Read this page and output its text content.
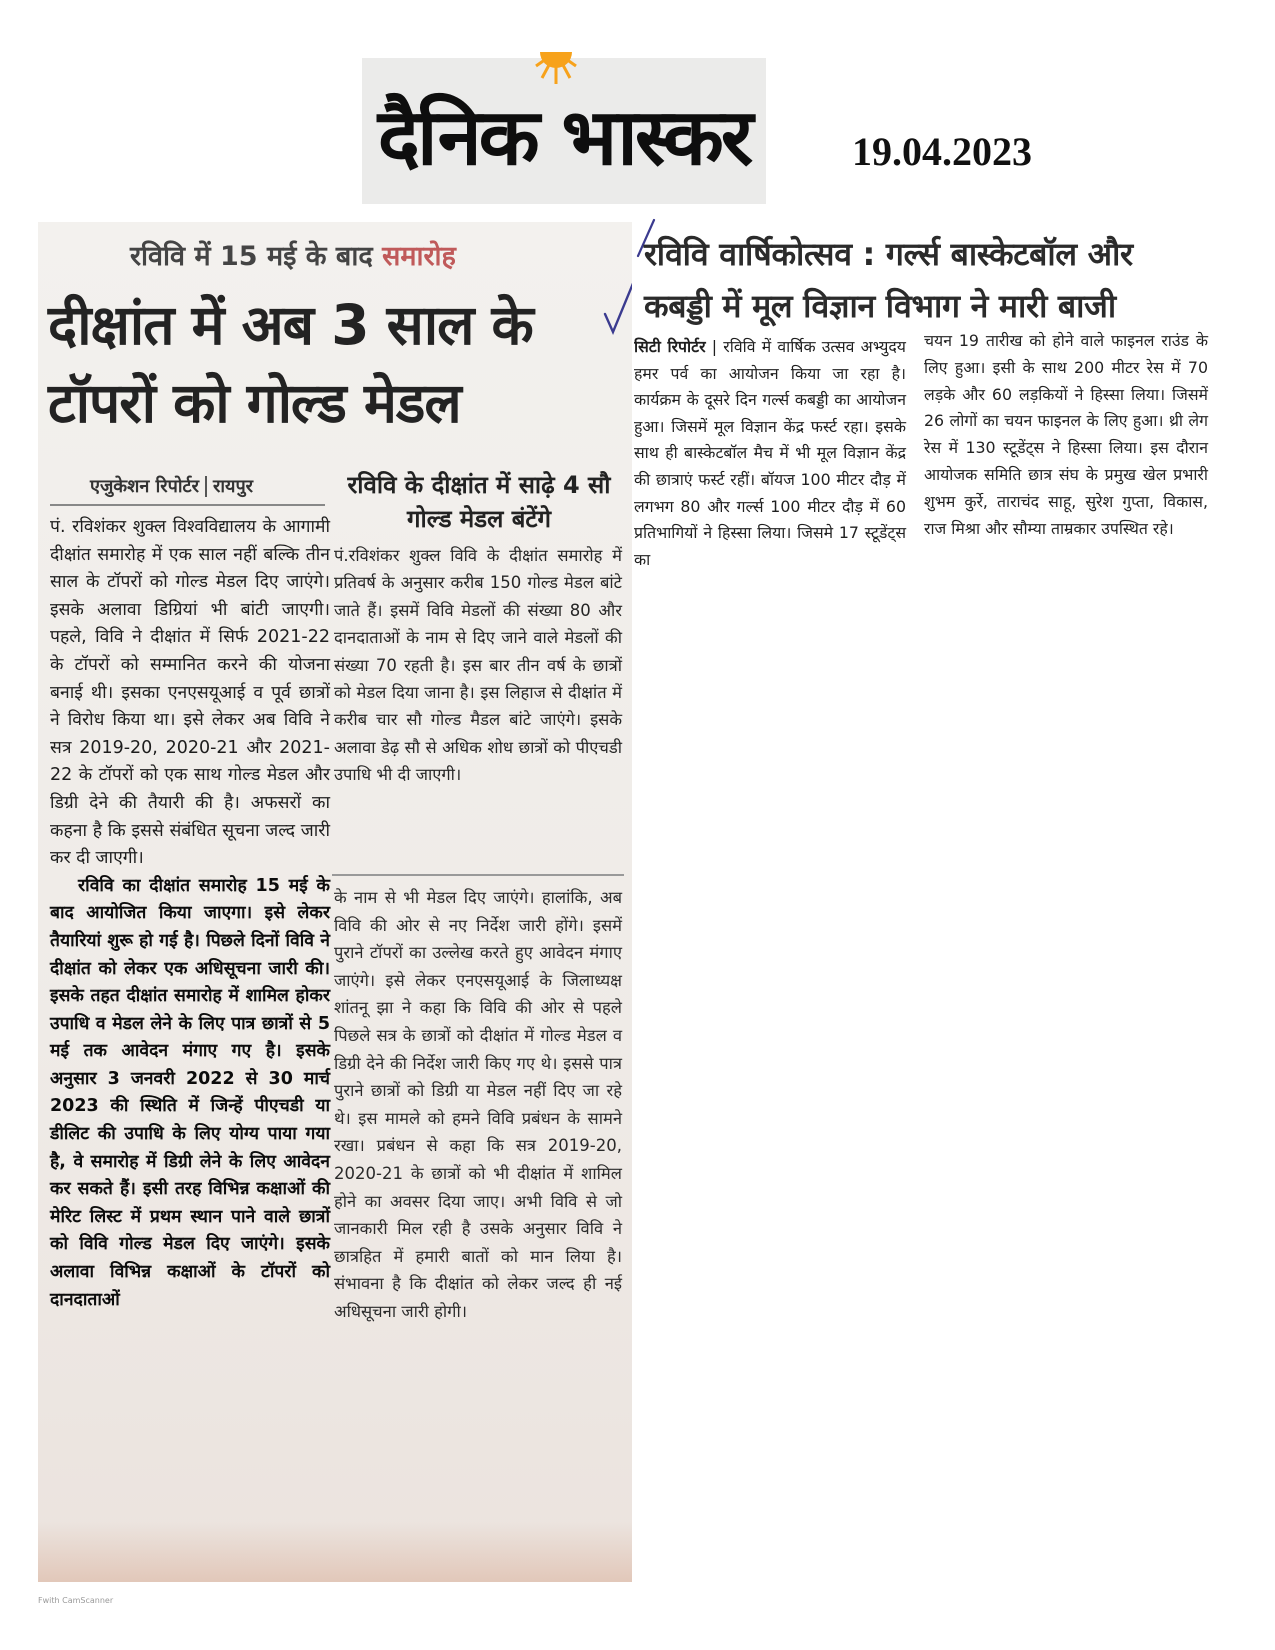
दैनिक भास्कर	19.04.2023
रविवि में 15 मई के बाद समारोह
दीक्षांत में अब 3 साल के टॉपरों को गोल्ड मेडल
एजुकेशन रिपोर्टर रायपुर	रविवि के दीक्षांत में साढ़े 4 सौ गोल्ड मेडल बंटेंगे

पं. रविशंकर शुक्ल विश्वविद्यालय के आगामी दीक्षांत समारोह में एक साल नहीं बल्कि तीन साल के टॉपरों को गोल्ड मेडल दिए जाएंगे। इसके अलावा डिग्रियां भी बांटी जाएगी। पहले, विवि ने दीक्षांत में सिर्फ 2021-22 के टॉपरों को सम्मानित करने की योजना बनाई थी। इसका एनएसयूआई व पूर्व छात्रों ने विरोध किया था। इसे लेकर अब विवि ने सत्र 2019-20, 2020-21 और 2021-22 के टॉपरों को एक साथ गोल्ड मेडल और डिग्री देने की तैयारी की है। अफसरों का कहना है कि इससे संबंधित सूचना जल्द जारी कर दी जाएगी।

रविवि का दीक्षांत समारोह 15 मई के बाद आयोजित किया जाएगा। इसे लेकर तैयारियां शुरू हो गई है। पिछले दिनों विवि ने दीक्षांत को लेकर एक अधिसूचना जारी की। इसके तहत दीक्षांत समारोह में शामिल होकर उपाधि व मेडल लेने के लिए पात्र छात्रों से 5 मई तक आवेदन मंगाए गए है। इसके अनुसार 3 जनवरी 2022 से 30 मार्च 2023 की स्थिति में जिन्हें पीएचडी या डीलिट की उपाधि के लिए योग्य पाया गया है, वे समारोह में डिग्री लेने के लिए आवेदन कर सकते हैं। इसी तरह विभिन्न कक्षाओं की मेरिट लिस्ट में प्रथम स्थान पाने वाले छात्रों को विवि गोल्ड मेडल दिए जाएंगे। इसके अलावा विभिन्न कक्षाओं के टॉपरों को दानदाताओं

पं.रविशंकर शुक्ल विवि के दीक्षांत समारोह में प्रतिवर्ष के अनुसार करीब 150 गोल्ड मेडल बांटे जाते हैं। इसमें विवि मेडलों की संख्या 80 और दानदाताओं के नाम से दिए जाने वाले मेडलों की संख्या 70 रहती है। इस बार तीन वर्ष के छात्रों को मेडल दिया जाना है। इस लिहाज से दीक्षांत में करीब चार सौ गोल्ड मैडल बांटे जाएंगे। इसके अलावा डेढ़ सौ से अधिक शोध छात्रों को पीएचडी उपाधि भी दी जाएगी।
के नाम से भी मेडल दिए जाएंगे। हालांकि, अब विवि की ओर से नए निर्देश जारी होंगे। इसमें पुराने टॉपरों का उल्लेख करते हुए आवेदन मंगाए जाएंगे। इसे लेकर एनएसयूआई के जिलाध्यक्ष शांतनू झा ने कहा कि विवि की ओर से पहले पिछले सत्र के छात्रों को दीक्षांत में गोल्ड मेडल व डिग्री देने की निर्देश जारी किए गए थे। इससे पात्र पुराने छात्रों को डिग्री या मेडल नहीं दिए जा रहे थे। इस मामले को हमने विवि प्रबंधन के सामने रखा। प्रबंधन से कहा कि सत्र 2019-20, 2020-21 के छात्रों को भी दीक्षांत में शामिल होने का अवसर दिया जाए। अभी विवि से जो जानकारी मिल रही है उसके अनुसार विवि ने छात्रहित में हमारी बातों को मान लिया है। संभावना है कि दीक्षांत को लेकर जल्द ही नई अधिसूचना जारी होगी।
Fwith CamScanner
रविवि वार्षिकोत्सव : गर्ल्स बास्केटबॉल और कबड्डी में मूल विज्ञान विभाग ने मारी बाजी
सिटी रिपोर्टर | रविवि में वार्षिक उत्सव अभ्युदय हमर पर्व का आयोजन किया जा रहा है। कार्यक्रम के दूसरे दिन गर्ल्स कबड्डी का आयोजन हुआ। जिसमें मूल विज्ञान केंद्र फर्स्ट रहा। इसके साथ ही बास्केटबॉल मैच में भी मूल विज्ञान केंद्र की छात्राएं फर्स्ट रहीं। बॉयज 100 मीटर दौड़ में लगभग 80 और गर्ल्स 100 मीटर दौड़ में 60 प्रतिभागियों ने हिस्सा लिया। जिसमे 17 स्टूडेंट्स का
चयन 19 तारीख को होने वाले फाइनल राउंड के लिए हुआ। इसी के साथ 200 मीटर रेस में 70 लड़के और 60 लड़कियों ने हिस्सा लिया। जिसमें 26 लोगों का चयन फाइनल के लिए हुआ। थ्री लेग रेस में 130 स्टूडेंट्स ने हिस्सा लिया। इस दौरान आयोजक समिति छात्र संघ के प्रमुख खेल प्रभारी शुभम कुर्रे, ताराचंद साहू, सुरेश गुप्ता, विकास, राज मिश्रा और सौम्या ताम्रकार उपस्थित रहे।
